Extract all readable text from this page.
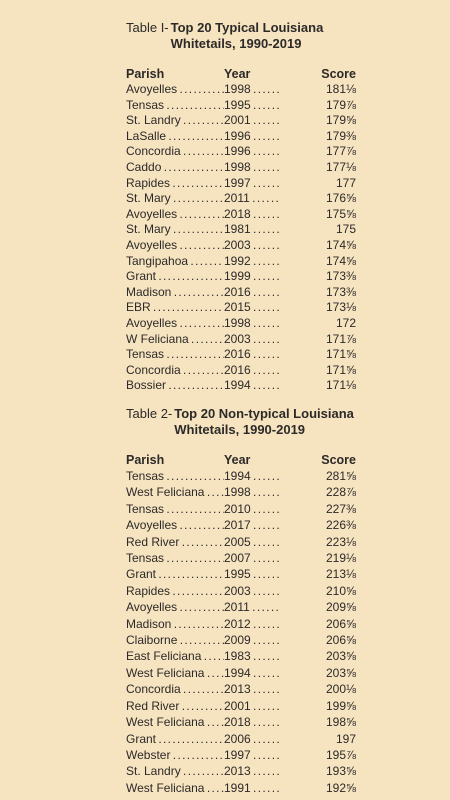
Table I- Top 20 Typical Louisiana Whitetails, 1990-2019
Parish	Year	Score
Avoyelles . . .	1998 . . .	181⅛
Tensas . . .	1995 . . .	179⅞
St. Landry . . .	2001 . . .	179⅝
LaSalle . . .	1996 . . .	179⅜
Concordia . . .	1996 . . .	177⅞
Caddo . . .	1998 . . .	177⅛
Rapides . . .	1997 . . .	177
St. Mary . . .	2011 . . .	176⅝
Avoyelles . . .	2018 . . .	175⅝
St. Mary . . .	1981 . . .	175
Avoyelles . . .	2003 . . .	174⅝
Tangipahoa . . .	1992 . . .	174⅝
Grant . . .	1999 . . .	173⅜
Madison . . .	2016 . . .	173⅜
EBR . . .	2015 . . .	173⅛
Avoyelles . . .	1998 . . .	172
W Feliciana . . .	2003 . . .	171⅞
Tensas . . .	2016 . . .	171⅝
Concordia . . .	2016 . . .	171⅝
Bossier . . .	1994 . . .	171⅛
Table 2- Top 20 Non-typical Louisiana Whitetails, 1990-2019
Parish	Year	Score
Tensas . . .	1994 . . .	281⅝
West Feliciana . . .	1998 . . .	228⅞
Tensas . . .	2010 . . .	227⅜
Avoyelles . . .	2017 . . .	226⅜
Red River . . .	2005 . . .	223⅛
Tensas . . .	2007 . . .	219⅛
Grant . . .	1995 . . .	213⅛
Rapides . . .	2003 . . .	210⅝
Avoyelles . . .	2011 . . .	209⅝
Madison . . .	2012 . . .	206⅝
Claiborne . . .	2009 . . .	206⅝
East Feliciana . . .	1983 . . .	203⅝
West Feliciana . . .	1994 . . .	203⅝
Concordia . . .	2013 . . .	200⅛
Red River . . .	2001 . . .	199⅝
West Feliciana . . .	2018 . . .	198⅝
Grant . . .	2006 . . .	197
Webster . . .	1997 . . .	195⅞
St. Landry . . .	2013 . . .	193⅝
West Feliciana . . .	1991 . . .	192⅝
